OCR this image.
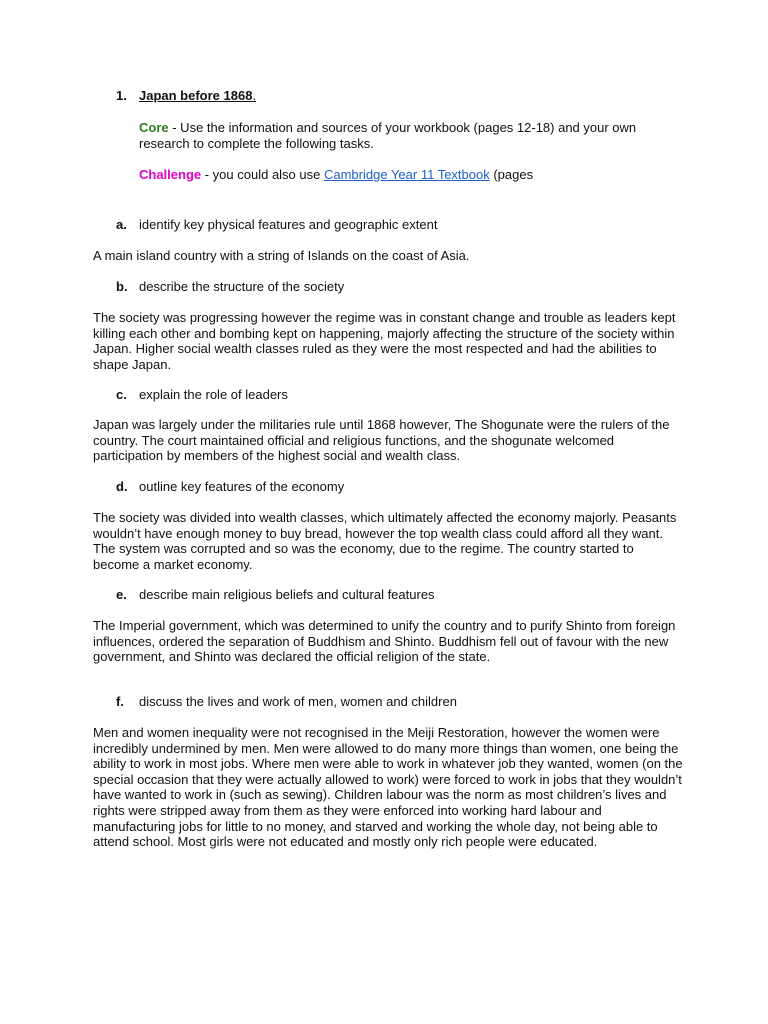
1. Japan before 1868.
Core - Use the information and sources of your workbook (pages 12-18) and your own research to complete the following tasks.
Challenge - you could also use Cambridge Year 11 Textbook (pages
a. identify key physical features and geographic extent

A main island country with a string of Islands on the coast of Asia.

b. describe the structure of the society

The society was progressing however the regime was in constant change and trouble as leaders kept killing each other and bombing kept on happening, majorly affecting the structure of the society within Japan. Higher social wealth classes ruled as they were the most respected and had the abilities to shape Japan.

c. explain the role of leaders

Japan was largely under the militaries rule until 1868 however, The Shogunate were the rulers of the country. The court maintained official and religious functions, and the shogunate welcomed participation by members of the highest social and wealth class.

d. outline key features of the economy

The society was divided into wealth classes, which ultimately affected the economy majorly. Peasants wouldn’t have enough money to buy bread, however the top wealth class could afford all they want. The system was corrupted and so was the economy, due to the regime. The country started to become a market economy.

e. describe main religious beliefs and cultural features

The Imperial government, which was determined to unify the country and to purify Shinto from foreign influences, ordered the separation of Buddhism and Shinto. Buddhism fell out of favour with the new government, and Shinto was declared the official religion of the state.

f. discuss the lives and work of men, women and children

Men and women inequality were not recognised in the Meiji Restoration, however the women were incredibly undermined by men. Men were allowed to do many more things than women, one being the ability to work in most jobs. Where men were able to work in whatever job they wanted, women (on the special occasion that they were actually allowed to work) were forced to work in jobs that they wouldn’t have wanted to work in (such as sewing). Children labour was the norm as most children’s lives and rights were stripped away from them as they were enforced into working hard labour and manufacturing jobs for little to no money, and starved and working the whole day, not being able to attend school. Most girls were not educated and mostly only rich people were educated.
